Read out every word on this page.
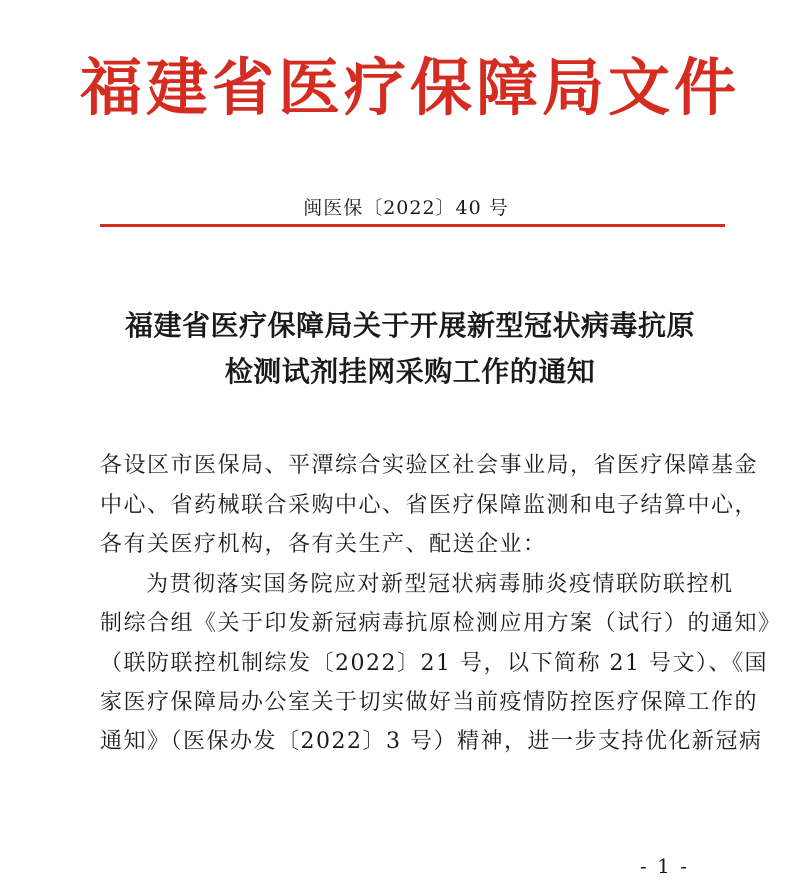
福建省医疗保障局文件
闽医保〔2022〕40 号
福建省医疗保障局关于开展新型冠状病毒抗原
检测试剂挂网采购工作的通知
各设区市医保局、平潭综合实验区社会事业局，省医疗保障基金
中心、省药械联合采购中心、省医疗保障监测和电子结算中心，
各有关医疗机构，各有关生产、配送企业：
为贯彻落实国务院应对新型冠状病毒肺炎疫情联防联控机
制综合组《关于印发新冠病毒抗原检测应用方案（试行）的通知》
（联防联控机制综发〔2022〕21 号，以下简称 21 号文）、《国
家医疗保障局办公室关于切实做好当前疫情防控医疗保障工作的
通知》（医保办发〔2022〕3 号）精神，进一步支持优化新冠病
- 1 -
